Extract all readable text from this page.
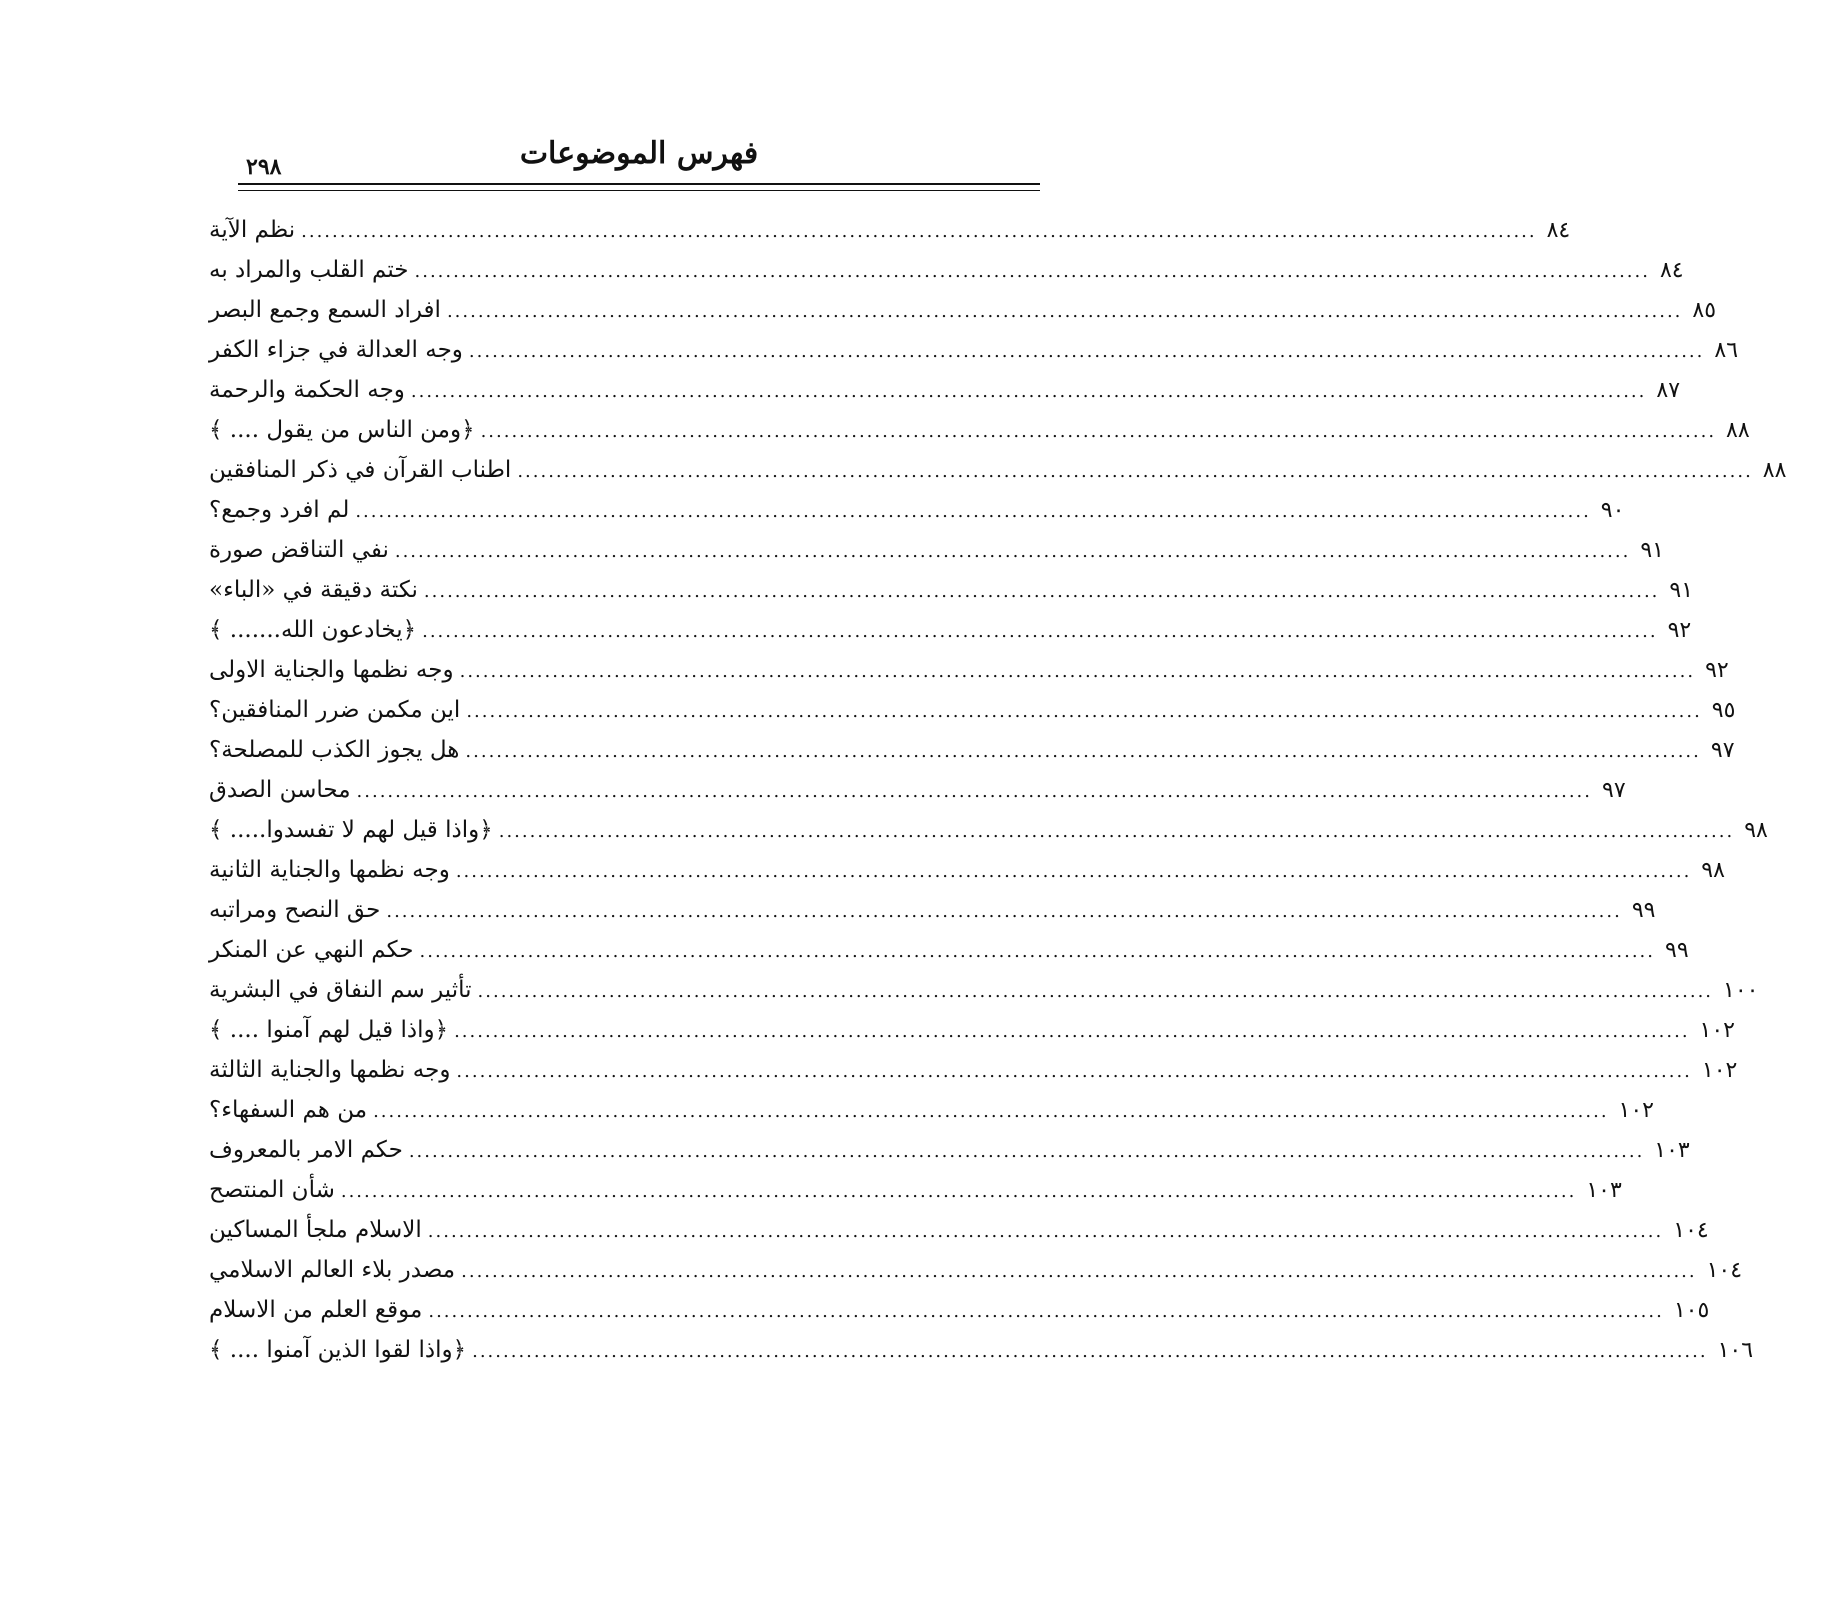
٢٩٨	فهرس الموضوعات
نظم الآية ................................................................................................................................................................ ٨٤
ختم القلب والمراد به ................................................................................................................................................................ ٨٤
افراد السمع وجمع البصر ................................................................................................................................................................ ٨٥
وجه العدالة في جزاء الكفر ................................................................................................................................................................ ٨٦
وجه الحكمة والرحمة ................................................................................................................................................................ ٨٧
﴿ومن الناس من يقول .... ﴾ ................................................................................................................................................................ ٨٨
اطناب القرآن في ذكر المنافقين ................................................................................................................................................................ ٨٨
لم افرد وجمع؟ ................................................................................................................................................................ ٩٠
نفي التناقض صورة ................................................................................................................................................................ ٩١
نكتة دقيقة في «الباء» ................................................................................................................................................................ ٩١
﴿يخادعون الله....... ﴾ ................................................................................................................................................................ ٩٢
وجه نظمها والجناية الاولى ................................................................................................................................................................ ٩٢
اين مكمن ضرر المنافقين؟ ................................................................................................................................................................ ٩٥
هل يجوز الكذب للمصلحة؟ ................................................................................................................................................................ ٩٧
محاسن الصدق ................................................................................................................................................................ ٩٧
﴿واذا قيل لهم لا تفسدوا..... ﴾ ................................................................................................................................................................ ٩٨
وجه نظمها والجناية الثانية ................................................................................................................................................................ ٩٨
حق النصح ومراتبه ................................................................................................................................................................ ٩٩
حكم النهي عن المنكر ................................................................................................................................................................ ٩٩
تأثير سم النفاق في البشرية ................................................................................................................................................................ ١٠٠
﴿واذا قيل لهم آمنوا .... ﴾ ................................................................................................................................................................ ١٠٢
وجه نظمها والجناية الثالثة ................................................................................................................................................................ ١٠٢
من هم السفهاء؟ ................................................................................................................................................................ ١٠٢
حكم الامر بالمعروف ................................................................................................................................................................ ١٠٣
شأن المنتصح ................................................................................................................................................................ ١٠٣
الاسلام ملجأ المساكين ................................................................................................................................................................ ١٠٤
مصدر بلاء العالم الاسلامي ................................................................................................................................................................ ١٠٤
موقع العلم من الاسلام ................................................................................................................................................................ ١٠٥
﴿واذا لقوا الذين آمنوا .... ﴾ ................................................................................................................................................................ ١٠٦
